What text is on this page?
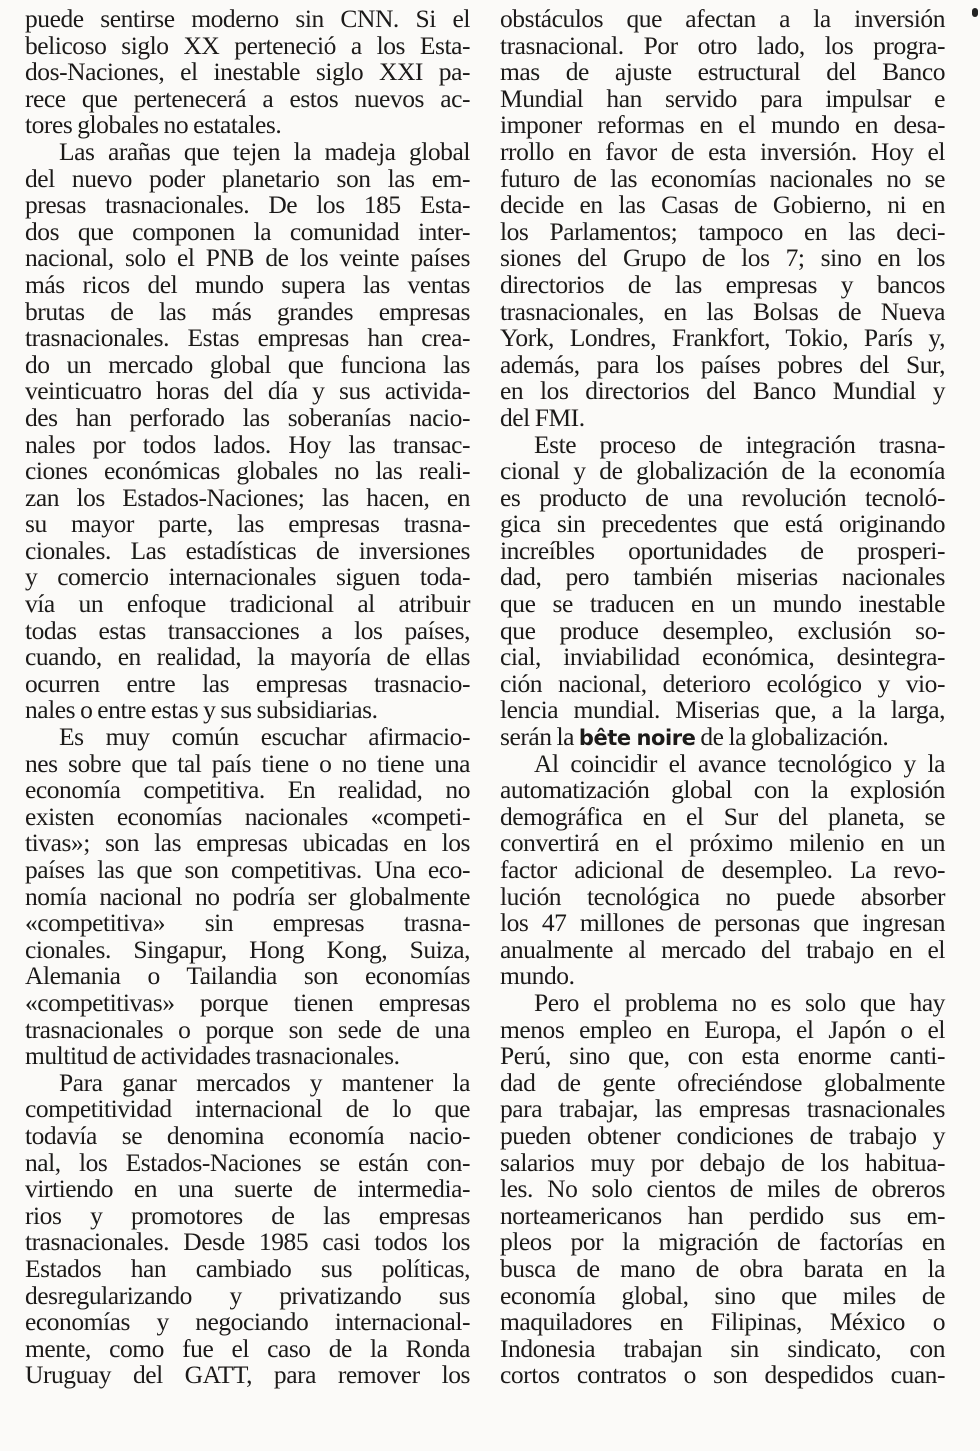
puede sentirse moderno sin CNN. Si el
belicoso siglo XX perteneció a los Esta-
dos-Naciones, el inestable siglo XXI pa-
rece que pertenecerá a estos nuevos ac-
tores globales no estatales.
Las arañas que tejen la madeja global
del nuevo poder planetario son las em-
presas trasnacionales. De los 185 Esta-
dos que componen la comunidad inter-
nacional, solo el PNB de los veinte países
más ricos del mundo supera las ventas
brutas de las más grandes empresas
trasnacionales. Estas empresas han crea-
do un mercado global que funciona las
veinticuatro horas del día y sus activida-
des han perforado las soberanías nacio-
nales por todos lados. Hoy las transac-
ciones económicas globales no las reali-
zan los Estados-Naciones; las hacen, en
su mayor parte, las empresas trasna-
cionales. Las estadísticas de inversiones
y comercio internacionales siguen toda-
vía un enfoque tradicional al atribuir
todas estas transacciones a los países,
cuando, en realidad, la mayoría de ellas
ocurren entre las empresas trasnacio-
nales o entre estas y sus subsidiarias.
Es muy común escuchar afirmacio-
nes sobre que tal país tiene o no tiene una
economía competitiva. En realidad, no
existen economías nacionales «competi-
tivas»; son las empresas ubicadas en los
países las que son competitivas. Una eco-
nomía nacional no podría ser globalmente
«competitiva» sin empresas trasna-
cionales. Singapur, Hong Kong, Suiza,
Alemania o Tailandia son economías
«competitivas» porque tienen empresas
trasnacionales o porque son sede de una
multitud de actividades trasnacionales.
Para ganar mercados y mantener la
competitividad internacional de lo que
todavía se denomina economía nacio-
nal, los Estados-Naciones se están con-
virtiendo en una suerte de intermedia-
rios y promotores de las empresas
trasnacionales. Desde 1985 casi todos los
Estados han cambiado sus políticas,
desregularizando y privatizando sus
economías y negociando internacional-
mente, como fue el caso de la Ronda
Uruguay del GATT, para remover los
obstáculos que afectan a la inversión
trasnacional. Por otro lado, los progra-
mas de ajuste estructural del Banco
Mundial han servido para impulsar e
imponer reformas en el mundo en desa-
rrollo en favor de esta inversión. Hoy el
futuro de las economías nacionales no se
decide en las Casas de Gobierno, ni en
los Parlamentos; tampoco en las deci-
siones del Grupo de los 7; sino en los
directorios de las empresas y bancos
trasnacionales, en las Bolsas de Nueva
York, Londres, Frankfort, Tokio, París y,
además, para los países pobres del Sur,
en los directorios del Banco Mundial y
del FMI.
Este proceso de integración trasna-
cional y de globalización de la economía
es producto de una revolución tecnoló-
gica sin precedentes que está originando
increíbles oportunidades de prosperi-
dad, pero también miserias nacionales
que se traducen en un mundo inestable
que produce desempleo, exclusión so-
cial, inviabilidad económica, desintegra-
ción nacional, deterioro ecológico y vio-
lencia mundial. Miserias que, a la larga,
serán la bête noire de la globalización.
Al coincidir el avance tecnológico y la
automatización global con la explosión
demográfica en el Sur del planeta, se
convertirá en el próximo milenio en un
factor adicional de desempleo. La revo-
lución tecnológica no puede absorber
los 47 millones de personas que ingresan
anualmente al mercado del trabajo en el
mundo.
Pero el problema no es solo que hay
menos empleo en Europa, el Japón o el
Perú, sino que, con esta enorme canti-
dad de gente ofreciéndose globalmente
para trabajar, las empresas trasnacionales
pueden obtener condiciones de trabajo y
salarios muy por debajo de los habitua-
les. No solo cientos de miles de obreros
norteamericanos han perdido sus em-
pleos por la migración de factorías en
busca de mano de obra barata en la
economía global, sino que miles de
maquiladores en Filipinas, México o
Indonesia trabajan sin sindicato, con
cortos contratos o son despedidos cuan-
